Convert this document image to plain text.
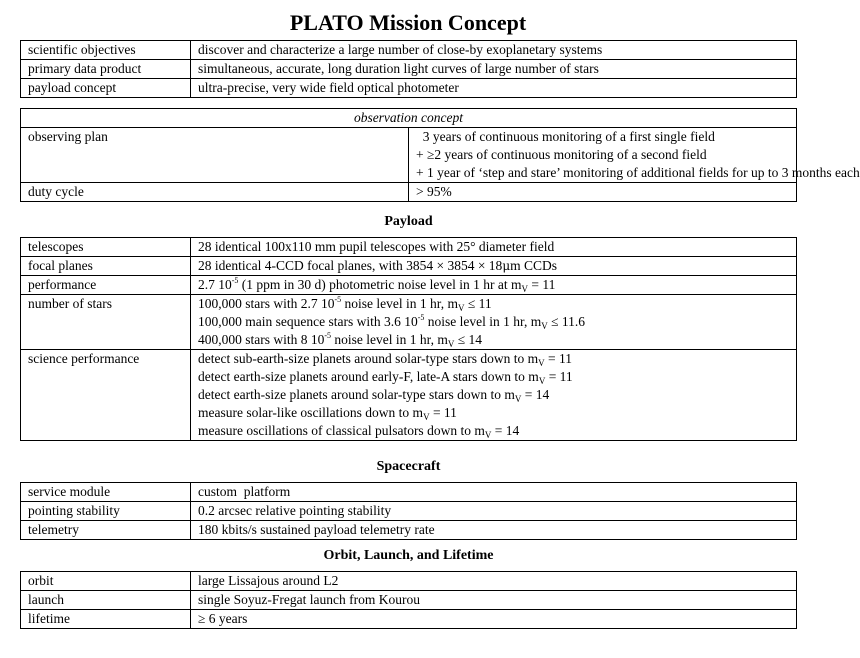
PLATO Mission Concept
scientific objectives	discover and characterize a large number of close-by exoplanetary systems
primary data product	simultaneous, accurate, long duration light curves of large number of stars
payload concept	ultra-precise, very wide field optical photometer
observation concept	
observing plan	3 years of continuous monitoring of a first single field
+ ≥2 years of continuous monitoring of a second field
+ 1 year of ‘step and stare’ monitoring of additional fields for up to 3 months each

duty cycle	> 95%
Payload
telescopes	28 identical 100x110 mm pupil telescopes with 25° diameter field
focal planes	28 identical 4-CCD focal planes, with 3854 × 3854 × 18μm CCDs
performance	2.7 $10^{-5}$ (1 ppm in 30 d) photometric noise level in 1 hr at $m_V = 11$
number of stars	100,000 stars with 2.7 $10^{-5}$ noise level in 1 hr, $m_V \le 11$
100,000 main sequence stars with 3.6 $10^{-5}$ noise level in 1 hr, $m_V \le 11.6$
400,000 stars with 8 $10^{-5}$ noise level in 1 hr, $m_V \le 14$

science performance	detect sub-earth-size planets around solar-type stars down to $m_V = 11$
detect earth-size planets around early-F, late-A stars down to $m_V = 11$
detect earth-size planets around solar-type stars down to $m_V = 14$
measure solar-like oscillations down to $m_V = 11$
measure oscillations of classical pulsators down to $m_V = 14$
Spacecraft
service module	custom  platform
pointing stability	0.2 arcsec relative pointing stability
telemetry	180 kbits/s sustained payload telemetry rate
Orbit, Launch, and Lifetime
orbit	large Lissajous around L2
launch	single Soyuz-Fregat launch from Kourou
lifetime	≥ 6 years
